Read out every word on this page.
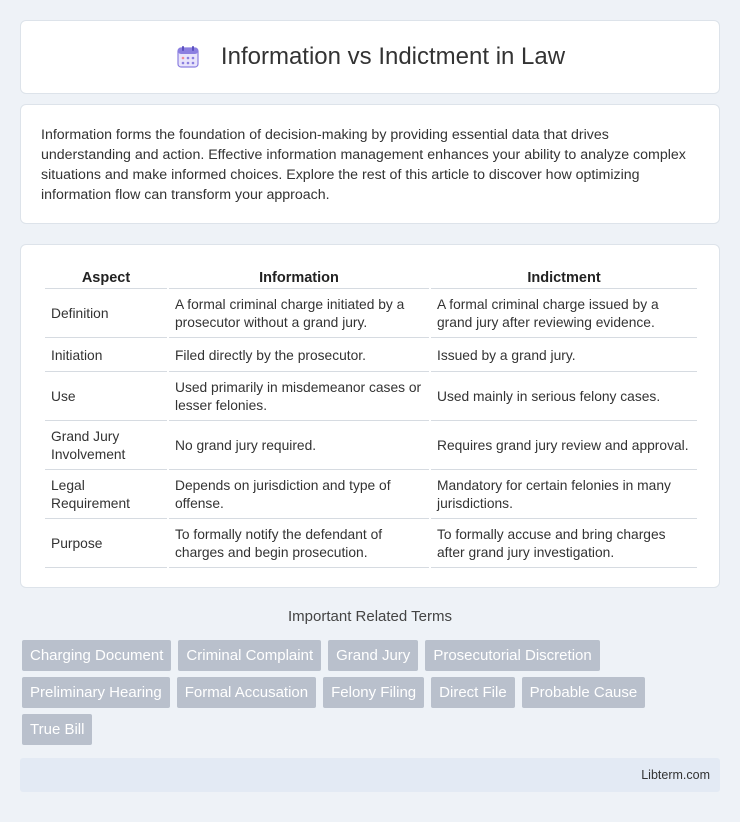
Information vs Indictment in Law

Information forms the foundation of decision-making by providing essential data that drives understanding and action. Effective information management enhances your ability to analyze complex situations and make informed choices. Explore the rest of this article to discover how optimizing information flow can transform your approach.

Aspect	Information	Indictment
Definition	A formal criminal charge initiated by a prosecutor without a grand jury.	A formal criminal charge issued by a grand jury after reviewing evidence.
Initiation	Filed directly by the prosecutor.	Issued by a grand jury.
Use	Used primarily in misdemeanor cases or lesser felonies.	Used mainly in serious felony cases.
Grand Jury Involvement	No grand jury required.	Requires grand jury review and approval.
Legal Requirement	Depends on jurisdiction and type of offense.	Mandatory for certain felonies in many jurisdictions.
Purpose	To formally notify the defendant of charges and begin prosecution.	To formally accuse and bring charges after grand jury investigation.
Important Related Terms
Charging Document	Criminal Complaint	Grand Jury	Prosecutorial Discretion
Preliminary Hearing	Formal Accusation	Felony Filing	Direct File	Probable Cause
True Bill
Libterm.com
